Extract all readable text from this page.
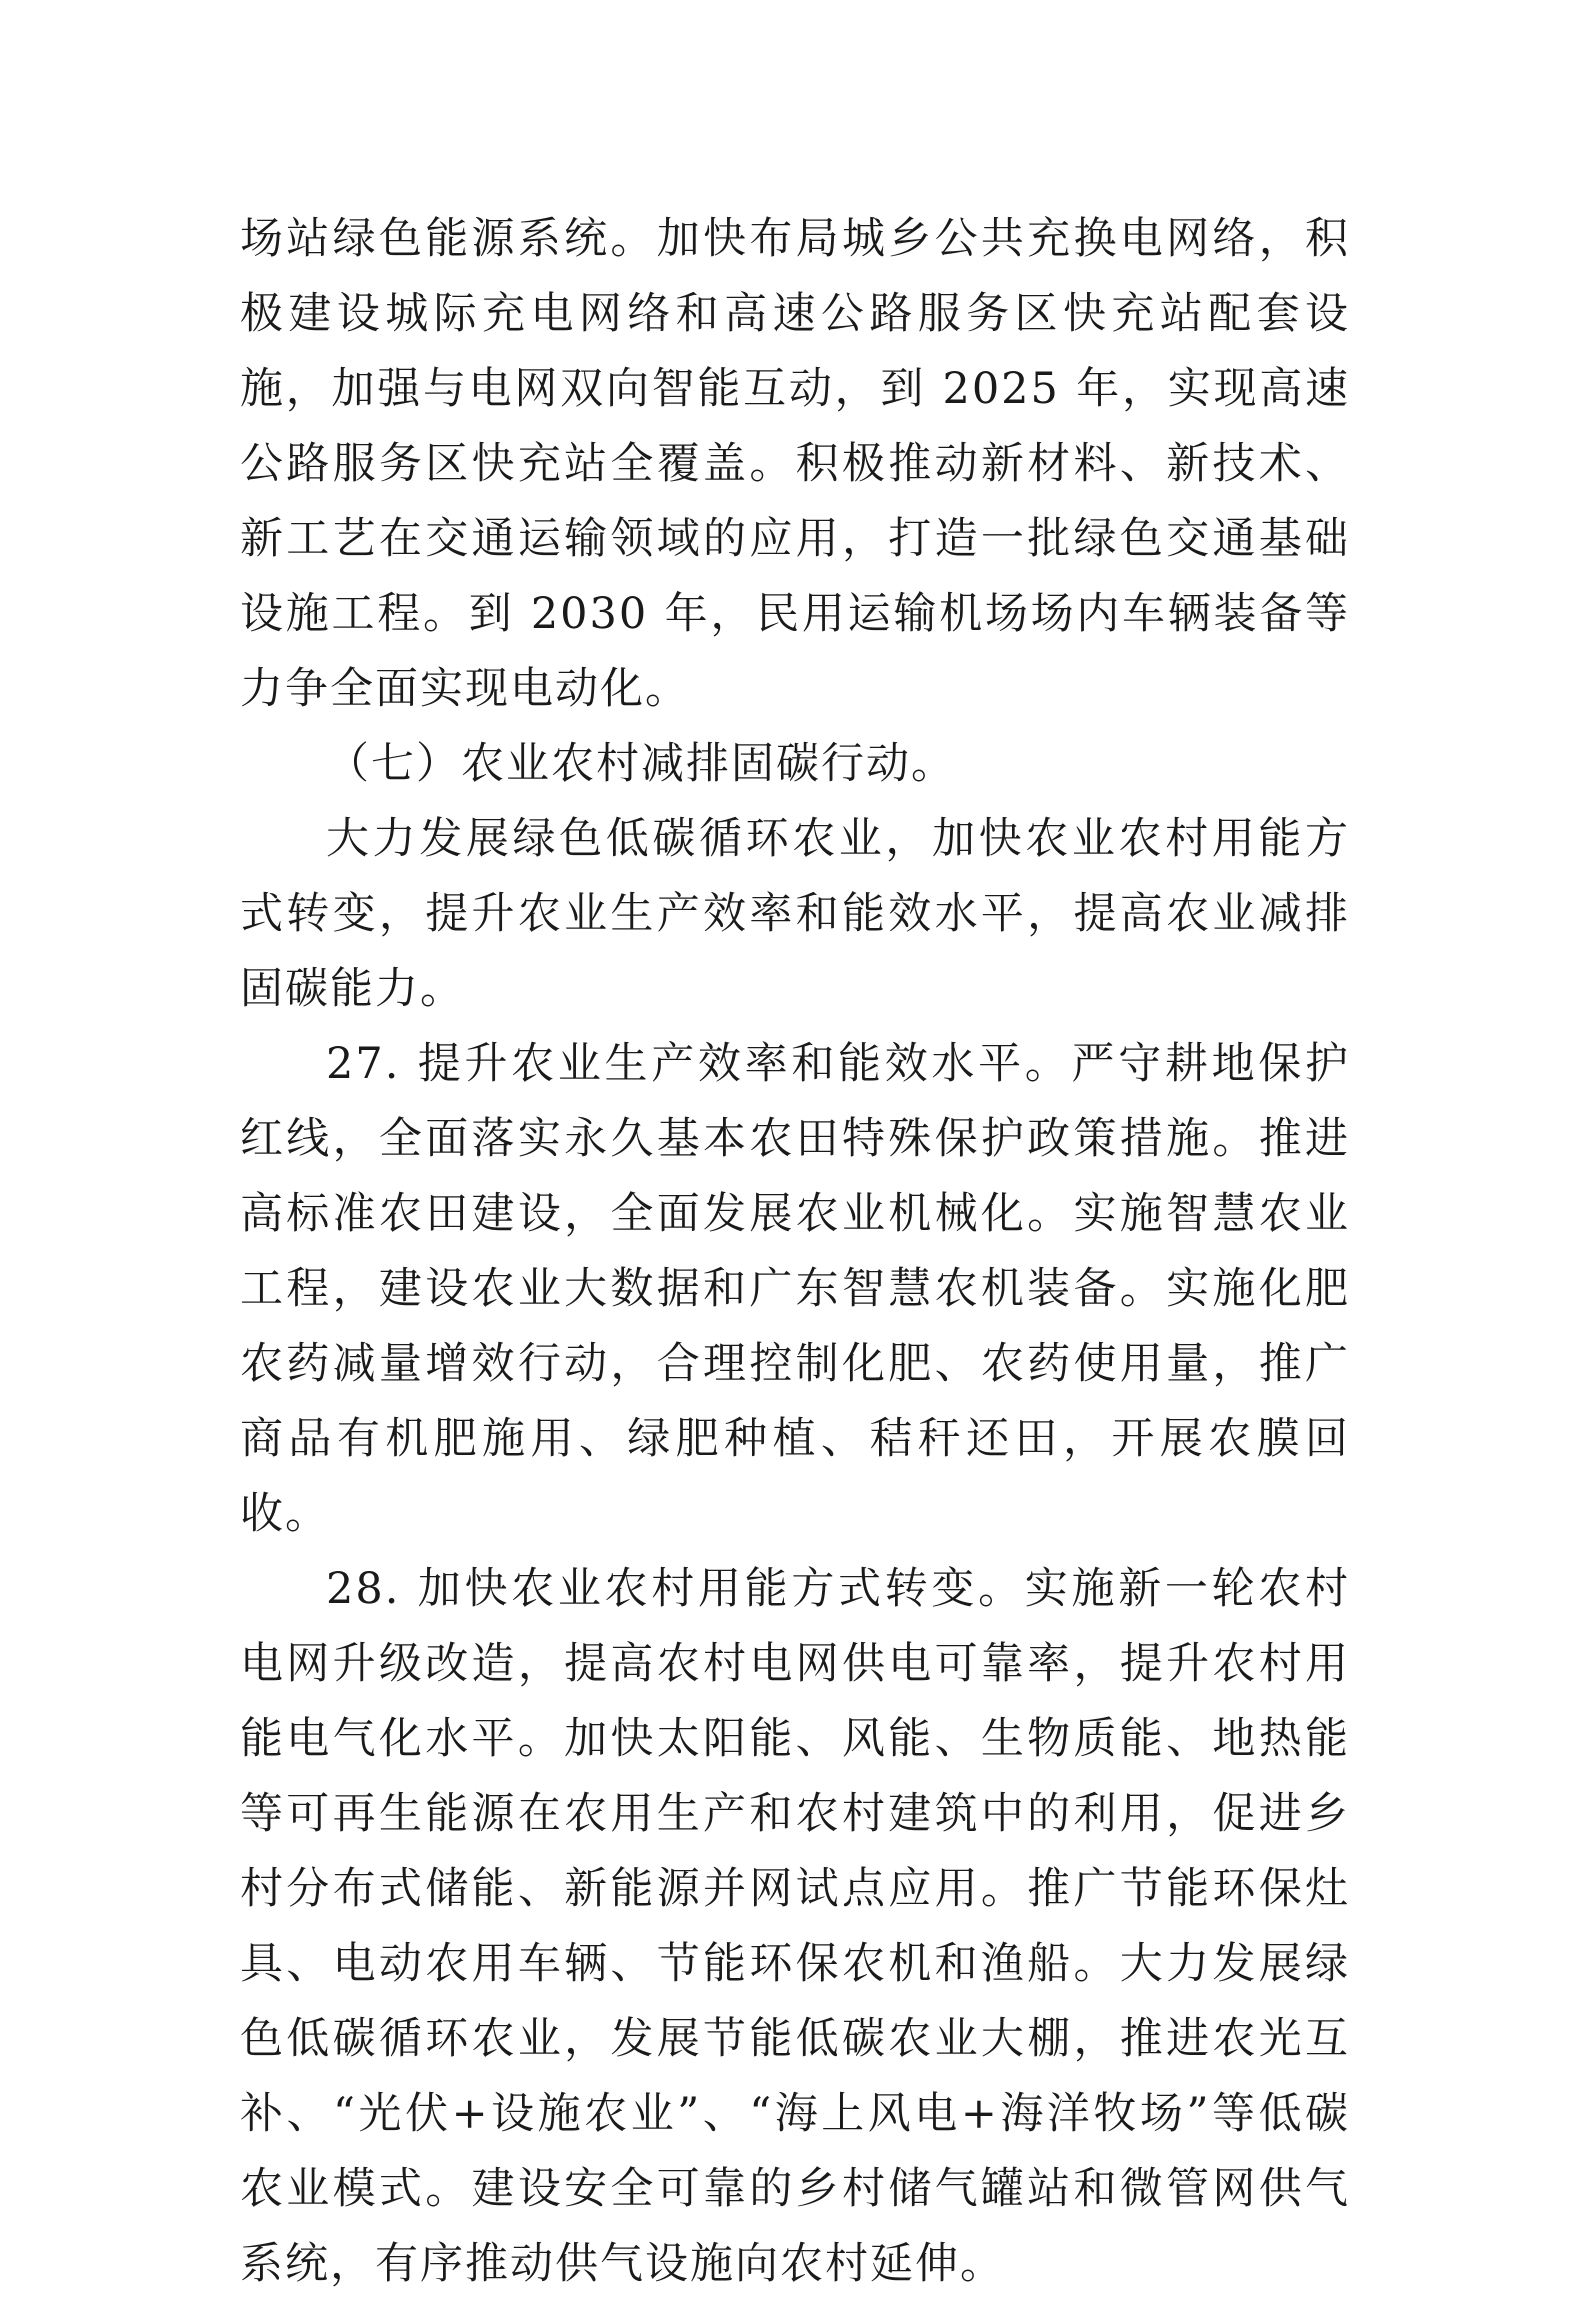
场站绿色能源系统。加快布局城乡公共充换电网络，积极建设城际充电网络和高速公路服务区快充站配套设施，加强与电网双向智能互动，到 2025 年，实现高速公路服务区快充站全覆盖。积极推动新材料、新技术、新工艺在交通运输领域的应用，打造一批绿色交通基础设施工程。到 2030 年，民用运输机场场内车辆装备等力争全面实现电动化。

（七）农业农村减排固碳行动。

大力发展绿色低碳循环农业，加快农业农村用能方式转变，提升农业生产效率和能效水平，提高农业减排固碳能力。

27. 提升农业生产效率和能效水平。严守耕地保护红线，全面落实永久基本农田特殊保护政策措施。推进高标准农田建设，全面发展农业机械化。实施智慧农业工程，建设农业大数据和广东智慧农机装备。实施化肥农药减量增效行动，合理控制化肥、农药使用量，推广商品有机肥施用、绿肥种植、秸秆还田，开展农膜回收。

28. 加快农业农村用能方式转变。实施新一轮农村电网升级改造，提高农村电网供电可靠率，提升农村用能电气化水平。加快太阳能、风能、生物质能、地热能等可再生能源在农用生产和农村建筑中的利用，促进乡村分布式储能、新能源并网试点应用。推广节能环保灶具、电动农用车辆、节能环保农机和渔船。大力发展绿色低碳循环农业，发展节能低碳农业大棚，推进农光互补、“光伏+设施农业”、“海上风电+海洋牧场”等低碳农业模式。建设安全可靠的乡村储气罐站和微管网供气系统，有序推动供气设施向农村延伸。
